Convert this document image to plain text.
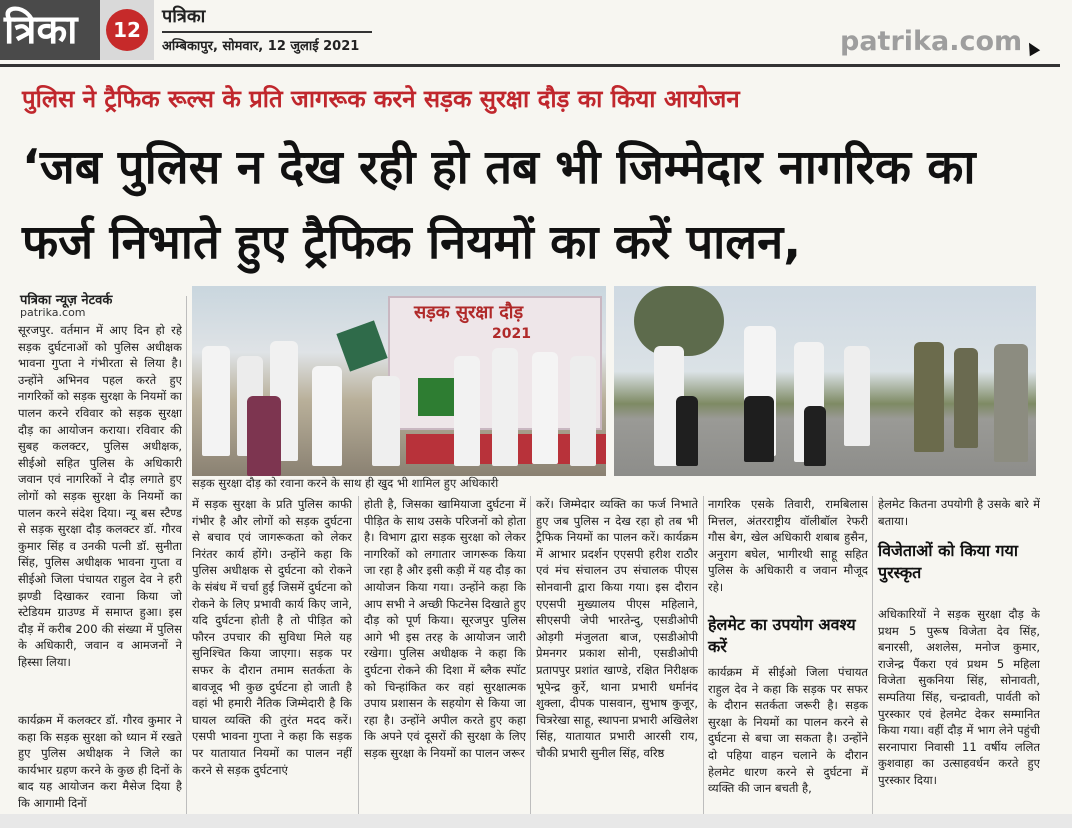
त्रिका	12
पत्रिका
अम्बिकापुर, सोमवार, 12 जुलाई 2021	patrika.com
पुलिस ने ट्रैफिक रूल्स के प्रति जागरूक करने सड़क सुरक्षा दौड़ का किया आयोजन
‘जब पुलिस न देख रही हो तब भी जिम्मेदार नागरिक का फर्ज निभाते हुए ट्रैफिक नियमों का करें पालन,
पत्रिका न्यूज़ नेटवर्क
patrika.com	सड़क सुरक्षा दौड़
2021
सड़क सुरक्षा दौड़ को रवाना करने के साथ ही खुद भी शामिल हुए अधिकारी
सूरजपुर. वर्तमान में आए दिन हो रहे सड़क दुर्घटनाओं को पुलिस अधीक्षक भावना गुप्ता ने गंभीरता से लिया है। उन्होंने अभिनव पहल करते हुए नागरिकों को सड़क सुरक्षा के नियमों का पालन करने रविवार को सड़क सुरक्षा दौड़ का आयोजन कराया। रविवार की सुबह कलक्टर, पुलिस अधीक्षक, सीईओ सहित पुलिस के अधिकारी जवान एवं नागरिकों ने दौड़ लगाते हुए लोगों को सड़क सुरक्षा के नियमों का पालन करने संदेश दिया। न्यू बस स्टैण्ड से सड़क सुरक्षा दौड़ कलक्टर डॉ. गौरव कुमार सिंह व उनकी पत्नी डॉ. सुनीता सिंह, पुलिस अधीक्षक भावना गुप्ता व सीईओ जिला पंचायत राहुल देव ने हरी झण्डी दिखाकर रवाना किया जो स्टेडियम ग्राउण्ड में समाप्त हुआ। इस दौड़ में करीब 200 की संख्या में पुलिस के अधिकारी, जवान व आमजनों ने हिस्सा लिया।
कार्यक्रम में कलक्टर डॉ. गौरव कुमार ने कहा कि सड़क सुरक्षा को ध्यान में रखते हुए पुलिस अधीक्षक ने जिले का कार्यभार ग्रहण करने के कुछ ही दिनों के बाद यह आयोजन करा मैसेज दिया है कि आगामी दिनों
में सड़क सुरक्षा के प्रति पुलिस काफी गंभीर है और लोगों को सड़क दुर्घटना से बचाव एवं जागरूकता को लेकर निरंतर कार्य होंगे। उन्होंने कहा कि पुलिस अधीक्षक से दुर्घटना को रोकने के संबंध में चर्चा हुई जिसमें दुर्घटना को रोकने के लिए प्रभावी कार्य किए जाने, यदि दुर्घटना होती है तो पीड़ित को फौरन उपचार की सुविधा मिले यह सुनिश्चित किया जाएगा। सड़क पर सफर के दौरान तमाम सतर्कता के बावजूद भी कुछ दुर्घटना हो जाती है वहां भी हमारी नैतिक जिम्मेदारी है कि घायल व्यक्ति की तुरंत मदद करें। एसपी भावना गुप्ता ने कहा कि सड़क पर यातायात नियमों का पालन नहीं करने से सड़क दुर्घटनाएं
होती है, जिसका खामियाजा दुर्घटना में पीड़ित के साथ उसके परिजनों को होता है। विभाग द्वारा सड़क सुरक्षा को लेकर नागरिकों को लगातार जागरूक किया जा रहा है और इसी कड़ी में यह दौड़ का आयोजन किया गया। उन्होंने कहा कि आप सभी ने अच्छी फिटनेस दिखाते हुए दौड़ को पूर्ण किया। सूरजपुर पुलिस आगे भी इस तरह के आयोजन जारी रखेगा। पुलिस अधीक्षक ने कहा कि दुर्घटना रोकने की दिशा में ब्लैक स्पॉट को चिन्हांकित कर वहां सुरक्षात्मक उपाय प्रशासन के सहयोग से किया जा रहा है। उन्होंने अपील करते हुए कहा कि अपने एवं दूसरों की सुरक्षा के लिए सड़क सुरक्षा के नियमों का पालन जरूर
करें। जिम्मेदार व्यक्ति का फर्ज निभाते हुए जब पुलिस न देख रहा हो तब भी ट्रैफिक नियमों का पालन करें। कार्यक्रम में आभार प्रदर्शन एएसपी हरीश राठौर एवं मंच संचालन उप संचालक पीएस सोनवानी द्वारा किया गया। इस दौरान एएसपी मुख्यालय पीएस महिलाने, सीएसपी जेपी भारतेन्दु, एसडीओपी ओड़गी मंजुलता बाज, एसडीओपी प्रेमनगर प्रकाश सोनी, एसडीओपी प्रतापपुर प्रशांत खाण्डे, रक्षित निरीक्षक भूपेन्द्र कुर्रे, थाना प्रभारी धर्मानंद शुक्ला, दीपक पासवान, सुभाष कुजूर, चित्ररेखा साहू, स्थापना प्रभारी अखिलेश सिंह, यातायात प्रभारी आरसी राय, चौकी प्रभारी सुनील सिंह, वरिष्ठ
नागरिक एसके तिवारी, रामबिलास मित्तल, अंतरराष्ट्रीय वॉलीबॉल रेफरी गौस बेग, खेल अधिकारी शबाब हुसैन, अनुराग बघेल, भागीरथी साहू सहित पुलिस के अधिकारी व जवान मौजूद रहे।
हेलमेट का उपयोग अवश्य करें
कार्यक्रम में सीईओ जिला पंचायत राहुल देव ने कहा कि सड़क पर सफर के दौरान सतर्कता जरूरी है। सड़क सुरक्षा के नियमों का पालन करने से दुर्घटना से बचा जा सकता है। उन्होंने दो पहिया वाहन चलाने के दौरान हेलमेट धारण करने से दुर्घटना में व्यक्ति की जान बचती है,
हेलमेट कितना उपयोगी है उसके बारे में बताया।
विजेताओं को किया गया पुरस्कृत
अधिकारियों ने सड़क सुरक्षा दौड़ के प्रथम 5 पुरूष विजेता देव सिंह, बनारसी, अशलेस, मनोज कुमार, राजेन्द्र पैंकरा एवं प्रथम 5 महिला विजेता सुकनिया सिंह, सोनावती, सम्पतिया सिंह, चन्द्रावती, पार्वती को पुरस्कार एवं हेलमेट देकर सम्मानित किया गया। वहीं दौड़ में भाग लेने पहुंची सरनापारा निवासी 11 वर्षीय ललित कुशवाहा का उत्साहवर्धन करते हुए पुरस्कार दिया।
